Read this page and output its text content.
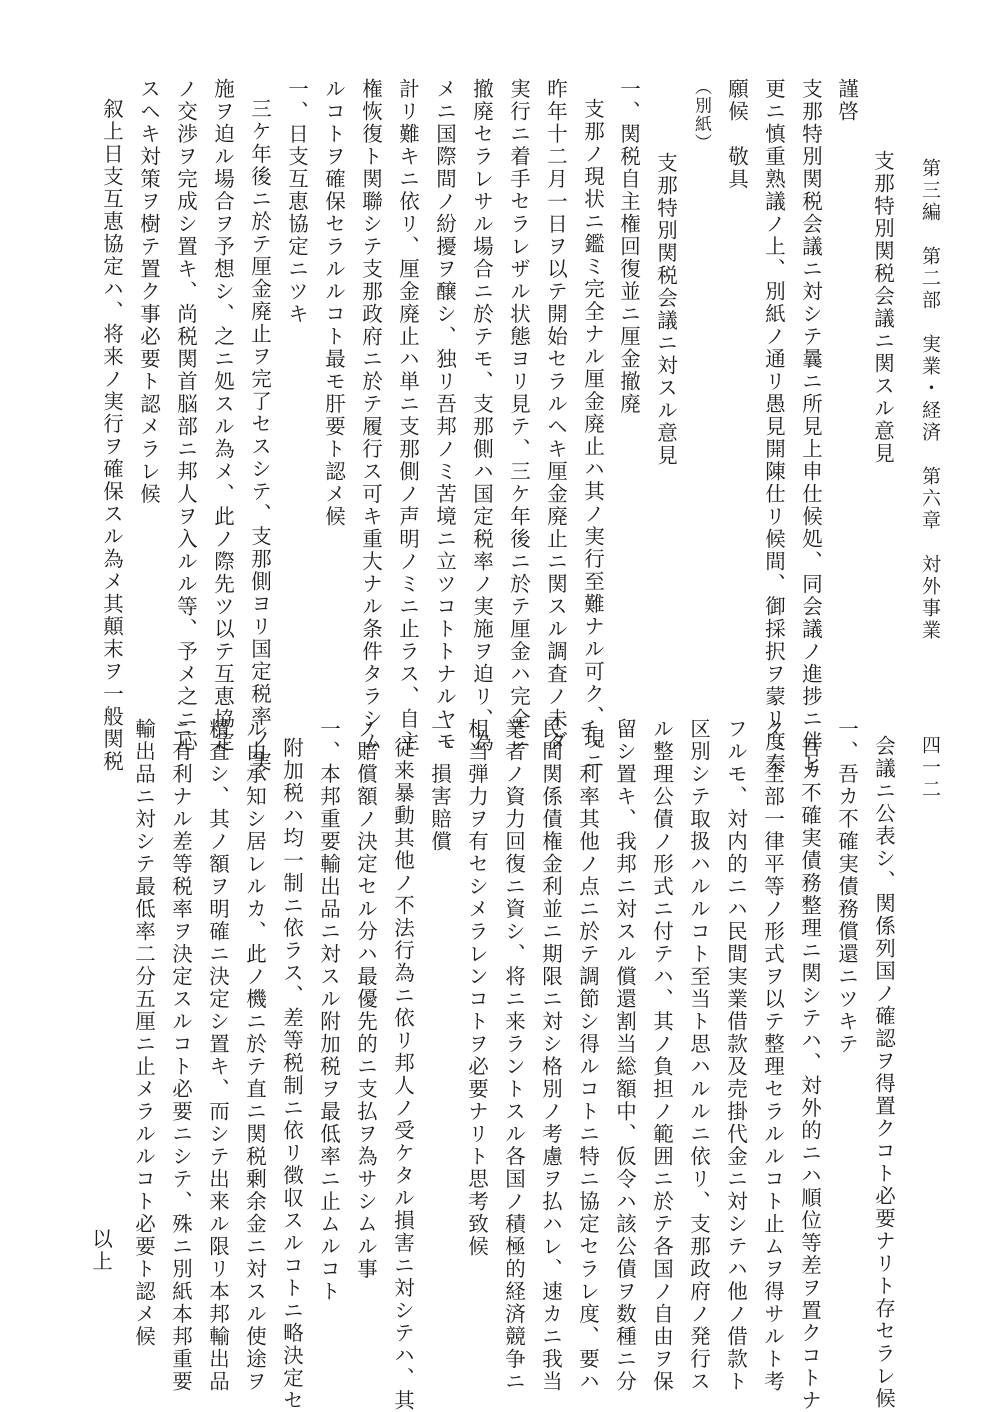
第三編　第二部　実業・経済　第六章　対外事業
支那特別関税会議ニ関スル意見
謹啓
支那特別関税会議ニ対シテ曩ニ所見上申仕候処、同会議ノ進捗ニ伴ヒ
更ニ慎重熟議ノ上、別紙ノ通リ愚見開陳仕リ候間、御採択ヲ蒙リ度奉
願候　敬具
（別紙）
支那特別関税会議ニ対スル意見
一、関税自主権回復並ニ厘金撤廃
支那ノ現状ニ鑑ミ完全ナル厘金廃止ハ其ノ実行至難ナル可ク、現ニ
昨年十二月一日ヲ以テ開始セラルヘキ厘金廃止ニ関スル調査ノ未ダ
実行ニ着手セラレザル状態ヨリ見テ、三ケ年後ニ於テ厘金ハ完全ニ
撤廃セラレサル場合ニ於テモ、支那側ハ国定税率ノ実施ヲ迫リ、為
メニ国際間ノ紛擾ヲ醸シ、独リ吾邦ノミ苦境ニ立ツコトトナルヤモ
計リ難キニ依リ、厘金廃止ハ単ニ支那側ノ声明ノミニ止ラス、自主
権恢復ト関聯シテ支那政府ニ於テ履行ス可キ重大ナル条件タラシム
ルコトヲ確保セラルルコト最モ肝要ト認メ候
一、日支互恵協定ニツキ
三ケ年後ニ於テ厘金廃止ヲ完了セスシテ、支那側ヨリ国定税率ノ実
施ヲ迫ル場合ヲ予想シ、之ニ処スル為メ、此ノ際先ツ以テ互恵協定
ノ交渉ヲ完成シ置キ、尚税関首脳部ニ邦人ヲ入ルル等、予メ之ニ応
スヘキ対策ヲ樹テ置ク事必要ト認メラレ候
叙上日支互恵協定ハ、将来ノ実行ヲ確保スル為メ其顛末ヲ一般関税	四一二
会議ニ公表シ、関係列国ノ確認ヲ得置クコト必要ナリト存セラレ候
一、吾カ不確実債務償還ニツキテ
吾カ不確実債務整理ニ関シテハ、対外的ニハ順位等差ヲ置クコトナ
ク、全部一律平等ノ形式ヲ以テ整理セラルルコト止ムヲ得サルト考
フルモ、対内的ニハ民間実業借款及売掛代金ニ対シテハ他ノ借款ト
区別シテ取扱ハルルコト至当ト思ハルルニ依リ、支那政府ノ発行ス
ル整理公債ノ形式ニ付テハ、其ノ負担ノ範囲ニ於テ各国ノ自由ヲ保
留シ置キ、我邦ニ対スル償還割当総額中、仮令ハ該公債ヲ数種ニ分
チ、利率其他ノ点ニ於テ調節シ得ルコトニ特ニ協定セラレ度、要ハ
民間関係債権金利並ニ期限ニ対シ格別ノ考慮ヲ払ハレ、速カニ我当
業者ノ資力回復ニ資シ、将ニ来ラントスル各国ノ積極的経済競争ニ
相当弾力ヲ有セシメラレンコトヲ必要ナリト思考致候
一、損害賠償
従来暴動其他ノ不法行為ニ依リ邦人ノ受ケタル損害ニ対シテハ、其
ノ賠償額ノ決定セル分ハ最優先的ニ支払ヲ為サシムル事
一、本邦重要輸出品ニ対スル附加税ヲ最低率ニ止ムルコト
附加税ハ均一制ニ依ラス、差等税制ニ依リ徴収スルコトニ略決定セ
ル由承知シ居レルカ、此ノ機ニ於テ直ニ関税剰余金ニ対スル使途ヲ
精査シ、其ノ額ヲ明確ニ決定シ置キ、而シテ出来ル限リ本邦輸出品
ニ有利ナル差等税率ヲ決定スルコト必要ニシテ、殊ニ別紙本邦重要
輸出品ニ対シテ最低率二分五厘ニ止メラルルコト必要ト認メ候
以上
